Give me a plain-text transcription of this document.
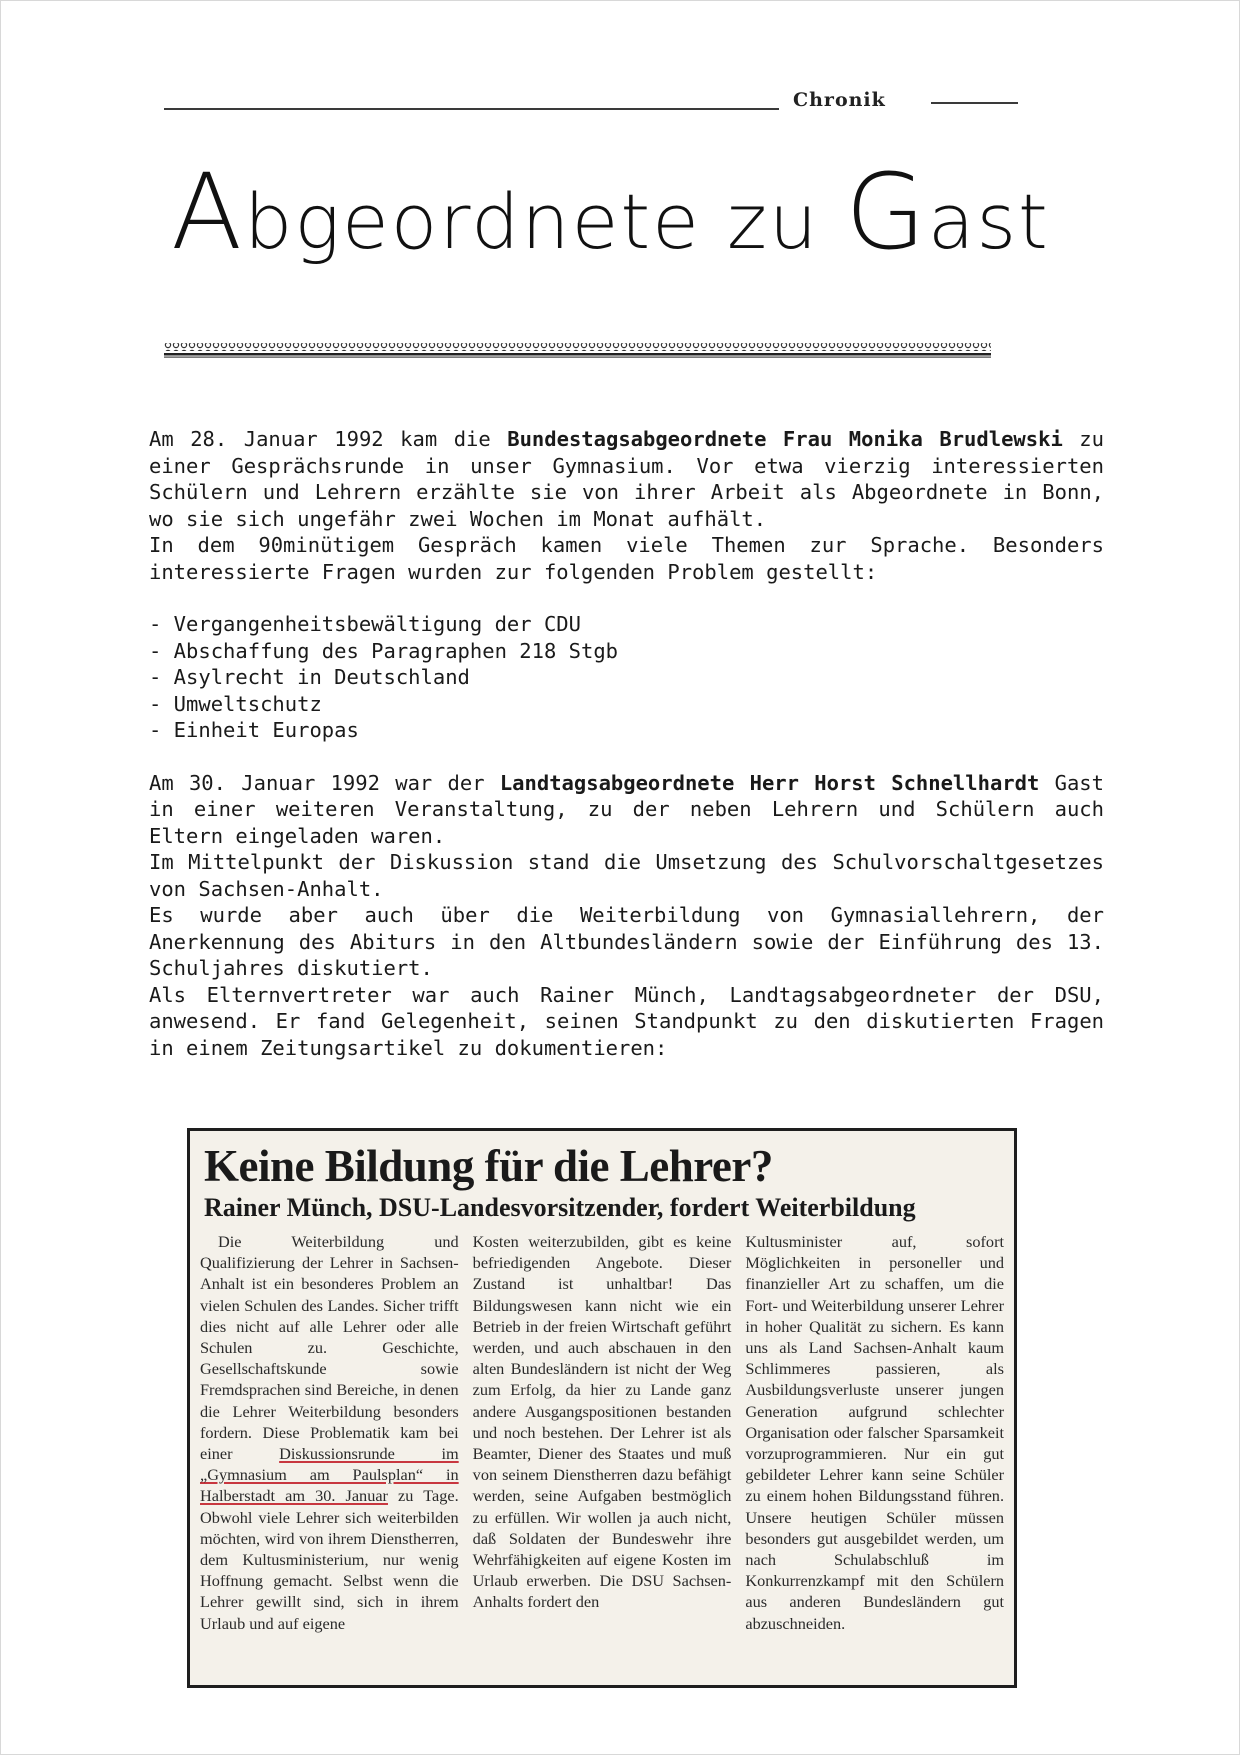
Chronik
Abgeordnete zu Gast

Am 28. Januar 1992 kam die Bundestagsabgeordnete Frau Monika Brudlewski zu einer Gesprächsrunde in unser Gymnasium. Vor etwa vierzig interessierten Schülern und Lehrern erzählte sie von ihrer Arbeit als Abgeordnete in Bonn, wo sie sich ungefähr zwei Wochen im Monat aufhält.

In dem 90minütigem Gespräch kamen viele Themen zur Sprache. Besonders interessierte Fragen wurden zur folgenden Problem gestellt:

- Vergangenheitsbewältigung der CDU
- Abschaffung des Paragraphen 218 Stgb
- Asylrecht in Deutschland
- Umweltschutz
- Einheit Europas

Am 30. Januar 1992 war der Landtagsabgeordnete Herr Horst Schnellhardt Gast in einer weiteren Veranstaltung, zu der neben Lehrern und Schülern auch Eltern eingeladen waren.

Im Mittelpunkt der Diskussion stand die Umsetzung des Schulvorschaltgesetzes von Sachsen-Anhalt.

Es wurde aber auch über die Weiterbildung von Gymnasiallehrern, der Anerkennung des Abiturs in den Altbundesländern sowie der Einführung des 13. Schuljahres diskutiert.

Als Elternvertreter war auch Rainer Münch, Landtagsabgeordneter der DSU, anwesend. Er fand Gelegenheit, seinen Standpunkt zu den diskutierten Fragen in einem Zeitungsartikel zu dokumentieren:

Keine Bildung für die Lehrer?
Rainer Münch, DSU-Landesvorsitzender, fordert Weiterbildung

Die Weiterbildung und Qualifizierung der Lehrer in Sachsen-Anhalt ist ein besonderes Problem an vielen Schulen des Landes. Sicher trifft dies nicht auf alle Lehrer oder alle Schulen zu. Geschichte, Gesellschaftskunde sowie Fremdsprachen sind Bereiche, in denen die Lehrer Weiterbildung besonders fordern. Diese Problematik kam bei einer Diskussionsrunde im „Gymnasium am Paulsplan“ in Halberstadt am 30. Januar zu Tage. Obwohl viele Lehrer sich weiterbilden möchten, wird von ihrem Dienstherren, dem Kultusministerium, nur wenig Hoffnung gemacht. Selbst wenn die Lehrer gewillt sind, sich in ihrem Urlaub und auf eigene

Kosten weiterzubilden, gibt es keine befriedigenden Angebote. Dieser Zustand ist unhaltbar! Das Bildungswesen kann nicht wie ein Betrieb in der freien Wirtschaft geführt werden, und auch abschauen in den alten Bundesländern ist nicht der Weg zum Erfolg, da hier zu Lande ganz andere Ausgangspositionen bestanden und noch bestehen. Der Lehrer ist als Beamter, Diener des Staates und muß von seinem Dienstherren dazu befähigt werden, seine Aufgaben bestmöglich zu erfüllen. Wir wollen ja auch nicht, daß Soldaten der Bundeswehr ihre Wehrfähigkeiten auf eigene Kosten im Urlaub erwerben. Die DSU Sachsen-Anhalts fordert den

Kultusminister auf, sofort Möglichkeiten in personeller und finanzieller Art zu schaffen, um die Fort- und Weiterbildung unserer Lehrer in hoher Qualität zu sichern. Es kann uns als Land Sachsen-Anhalt kaum Schlimmeres passieren, als Ausbildungsverluste unserer jungen Generation aufgrund schlechter Organisation oder falscher Sparsamkeit vorzuprogrammieren. Nur ein gut gebildeter Lehrer kann seine Schüler zu einem hohen Bildungsstand führen. Unsere heutigen Schüler müssen besonders gut ausgebildet werden, um nach Schulabschluß im Konkurrenzkampf mit den Schülern aus anderen Bundesländern gut abzuschneiden.
